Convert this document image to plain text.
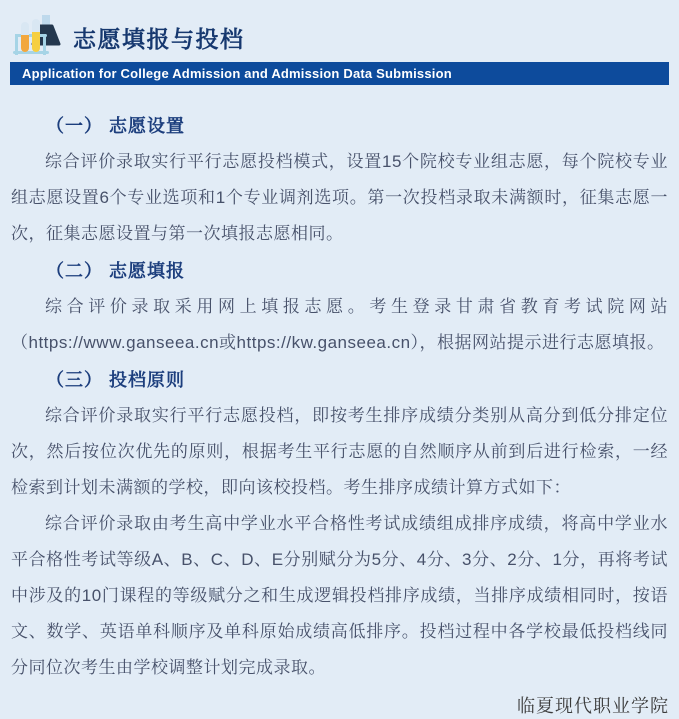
志愿填报与投档
Application for College Admission and Admission Data Submission
（一） 志愿设置

综合评价录取实行平行志愿投档模式，设置15个院校专业组志愿，每个院校专业组志愿设置6个专业选项和1个专业调剂选项。第一次投档录取未满额时，征集志愿一次，征集志愿设置与第一次填报志愿相同。

（二） 志愿填报

综合评价录取采用网上填报志愿。考生登录甘肃省教育考试院网站（https://www.ganseea.cn或https://kw.ganseea.cn），根据网站提示进行志愿填报。

（三） 投档原则

综合评价录取实行平行志愿投档，即按考生排序成绩分类别从高分到低分排定位次，然后按位次优先的原则，根据考生平行志愿的自然顺序从前到后进行检索，一经检索到计划未满额的学校，即向该校投档。考生排序成绩计算方式如下：

综合评价录取由考生高中学业水平合格性考试成绩组成排序成绩，将高中学业水平合格性考试等级A、B、C、D、E分别赋分为5分、4分、3分、2分、1分，再将考试中涉及的10门课程的等级赋分之和生成逻辑投档排序成绩，当排序成绩相同时，按语文、数学、英语单科顺序及单科原始成绩高低排序。投档过程中各学校最低投档线同分同位次考生由学校调整计划完成录取。

临夏现代职业学院
